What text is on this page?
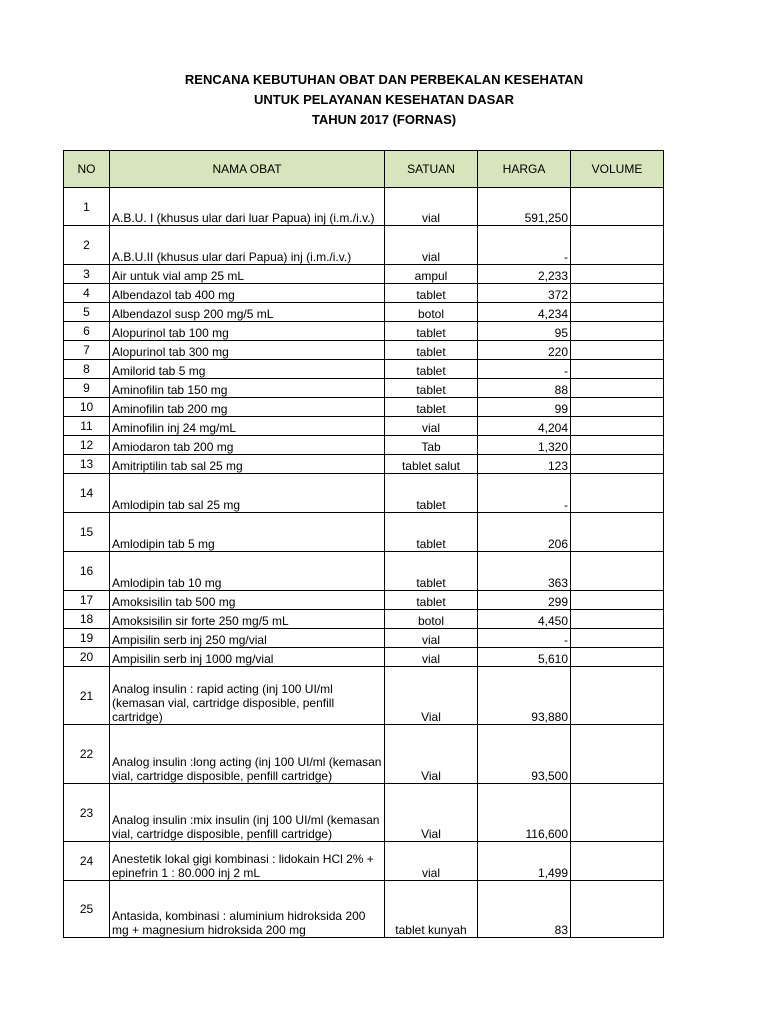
RENCANA KEBUTUHAN OBAT DAN PERBEKALAN KESEHATAN
UNTUK PELAYANAN KESEHATAN DASAR
TAHUN 2017 (FORNAS)
NO	NAMA OBAT	SATUAN	HARGA	VOLUME
1	A.B.U. I (khusus ular dari luar Papua) inj (i.m./i.v.)	vial	591,250	
2	A.B.U.II (khusus ular dari Papua) inj (i.m./i.v.)	vial	-	
3	Air untuk vial amp 25 mL	ampul	2,233	
4	Albendazol tab 400 mg	tablet	372	
5	Albendazol susp 200 mg/5 mL	botol	4,234	
6	Alopurinol tab 100 mg	tablet	95	
7	Alopurinol tab 300 mg	tablet	220	
8	Amilorid tab 5 mg	tablet	-	
9	Aminofilin tab 150 mg	tablet	88	
10	Aminofilin tab 200 mg	tablet	99	
11	Aminofilin inj 24 mg/mL	vial	4,204	
12	Amiodaron tab 200 mg	Tab	1,320	
13	Amitriptilin tab sal 25 mg	tablet salut	123	
14	Amlodipin tab sal 25 mg	tablet	-	
15	Amlodipin tab 5 mg	tablet	206	
16	Amlodipin tab 10 mg	tablet	363	
17	Amoksisilin tab 500 mg	tablet	299	
18	Amoksisilin sir forte 250 mg/5 mL	botol	4,450	
19	Ampisilin serb inj 250 mg/vial	vial	-	
20	Ampisilin serb inj 1000 mg/vial	vial	5,610	
21	Analog insulin : rapid acting (inj 100 UI/ml (kemasan vial, cartridge disposible, penfill cartridge)	Vial	93,880	
22	Analog insulin :long acting (inj 100 UI/ml (kemasan vial, cartridge disposible, penfill cartridge)	Vial	93,500	
23	Analog insulin :mix insulin (inj 100 UI/ml (kemasan vial, cartridge disposible, penfill cartridge)	Vial	116,600	
24	Anestetik lokal gigi kombinasi : lidokain HCl 2% + epinefrin 1 : 80.000 inj 2 mL	vial	1,499	
25	Antasida, kombinasi : aluminium hidroksida 200 mg + magnesium hidroksida 200 mg	tablet kunyah	83	
